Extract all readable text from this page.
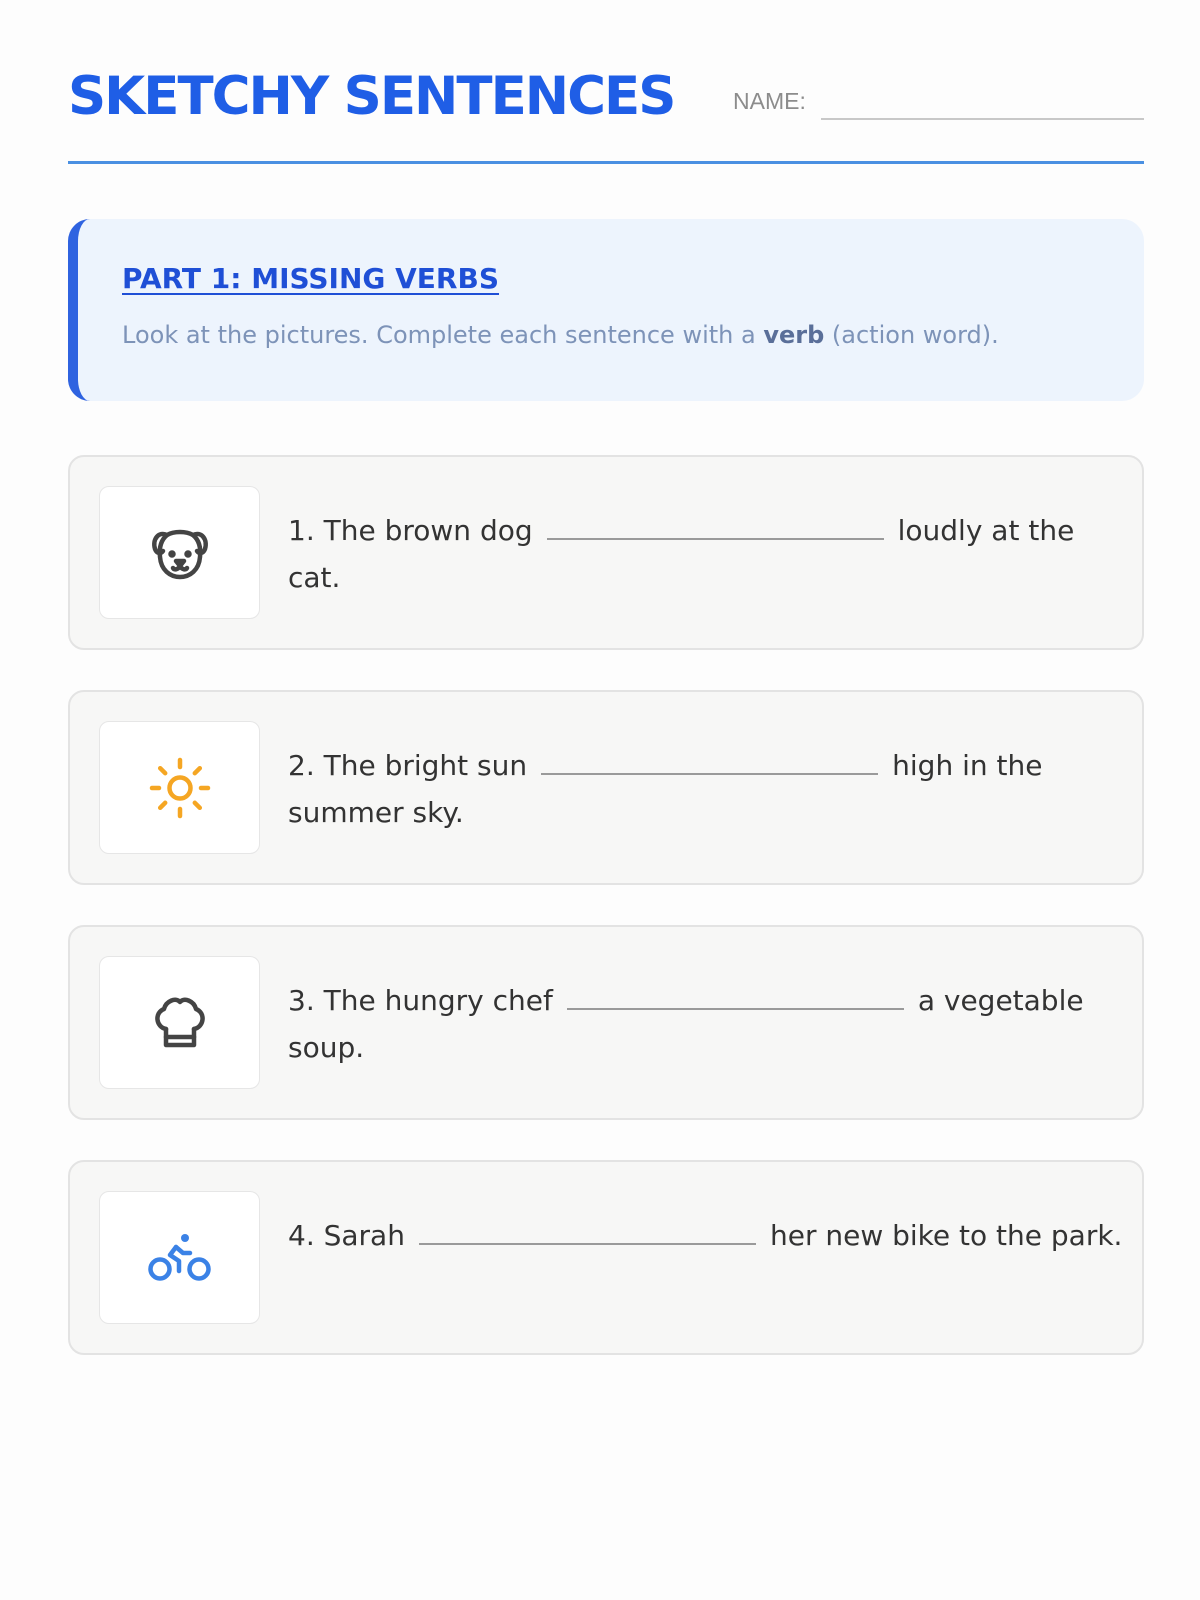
SKETCHY SENTENCES	NAME:
PART 1: MISSING VERBS
Look at the pictures. Complete each sentence with a verb (action word).
1. The brown dog	loudly at the cat.
2. The bright sun	high in the summer sky.
3. The hungry chef	a vegetable soup.
4. Sarah	her new bike to the park.
